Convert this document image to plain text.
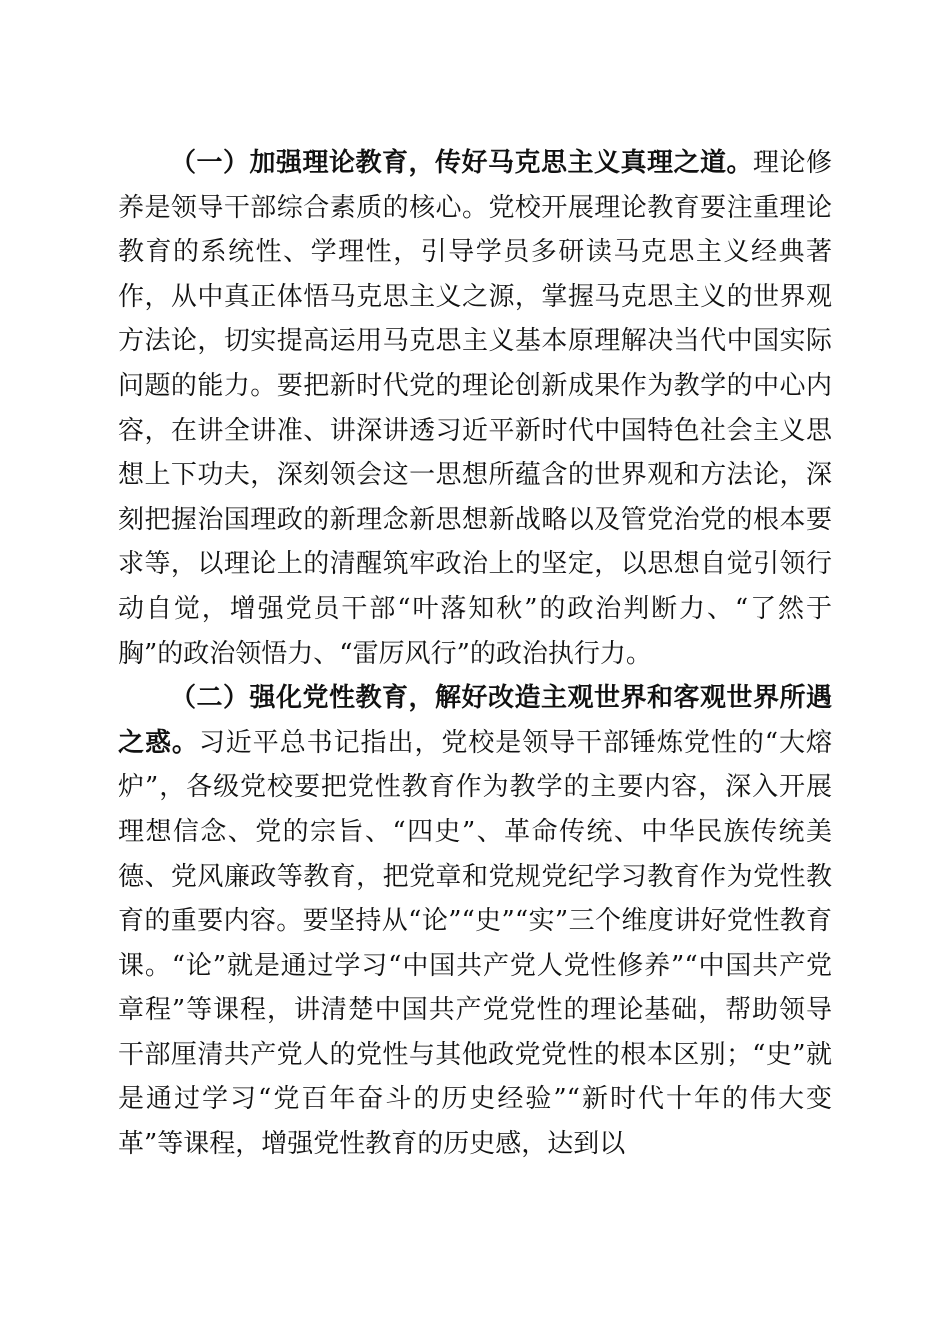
（一）加强理论教育，传好马克思主义真理之道。理论修养是领导干部综合素质的核心。党校开展理论教育要注重理论教育的系统性、学理性，引导学员多研读马克思主义经典著作，从中真正体悟马克思主义之源，掌握马克思主义的世界观方法论，切实提高运用马克思主义基本原理解决当代中国实际问题的能力。要把新时代党的理论创新成果作为教学的中心内容，在讲全讲准、讲深讲透习近平新时代中国特色社会主义思想上下功夫，深刻领会这一思想所蕴含的世界观和方法论，深刻把握治国理政的新理念新思想新战略以及管党治党的根本要求等，以理论上的清醒筑牢政治上的坚定，以思想自觉引领行动自觉，增强党员干部“叶落知秋”的政治判断力、“了然于胸”的政治领悟力、“雷厉风行”的政治执行力。

（二）强化党性教育，解好改造主观世界和客观世界所遇之惑。习近平总书记指出，党校是领导干部锤炼党性的“大熔炉”，各级党校要把党性教育作为教学的主要内容，深入开展理想信念、党的宗旨、“四史”、革命传统、中华民族传统美德、党风廉政等教育，把党章和党规党纪学习教育作为党性教育的重要内容。要坚持从“论”“史”“实”三个维度讲好党性教育课。“论”就是通过学习“中国共产党人党性修养”“中国共产党章程”等课程，讲清楚中国共产党党性的理论基础，帮助领导干部厘清共产党人的党性与其他政党党性的根本区别；“史”就是通过学习“党百年奋斗的历史经验”“新时代十年的伟大变革”等课程，增强党性教育的历史感，达到以
